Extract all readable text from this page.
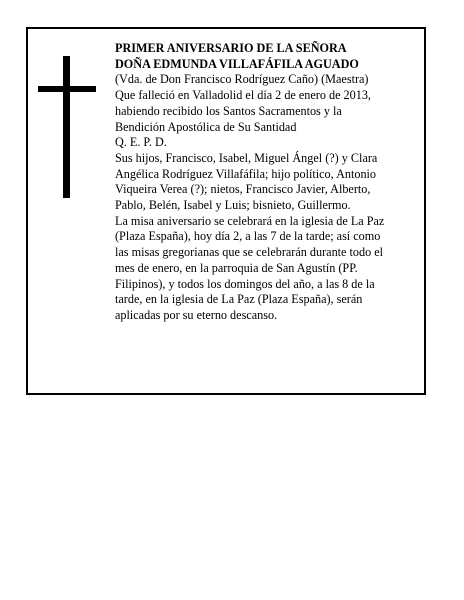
PRIMER ANIVERSARIO DE LA SEÑORA
DOÑA EDMUNDA VILLAFÁFILA AGUADO
(Vda. de Don Francisco Rodríguez Caño) (Maestra)
Que falleció en Valladolid el día 2 de enero de 2013,
habiendo recibido los Santos Sacramentos y la
Bendición Apostólica de Su Santidad
Q. E. P. D.
Sus hijos, Francisco, Isabel, Miguel Ángel (?) y Clara
Angélica Rodríguez Villafáfila; hijo político, Antonio
Viqueira Verea (?); nietos, Francisco Javier, Alberto,
Pablo, Belén, Isabel y Luis; bisnieto, Guillermo.
La misa aniversario se celebrará en la iglesia de La Paz
(Plaza España), hoy día 2, a las 7 de la tarde; así como
las misas gregorianas que se celebrarán durante todo el
mes de enero, en la parroquia de San Agustín (PP.
Filipinos), y todos los domingos del año, a las 8 de la
tarde, en la iglesia de La Paz (Plaza España), serán
aplicadas por su eterno descanso.
